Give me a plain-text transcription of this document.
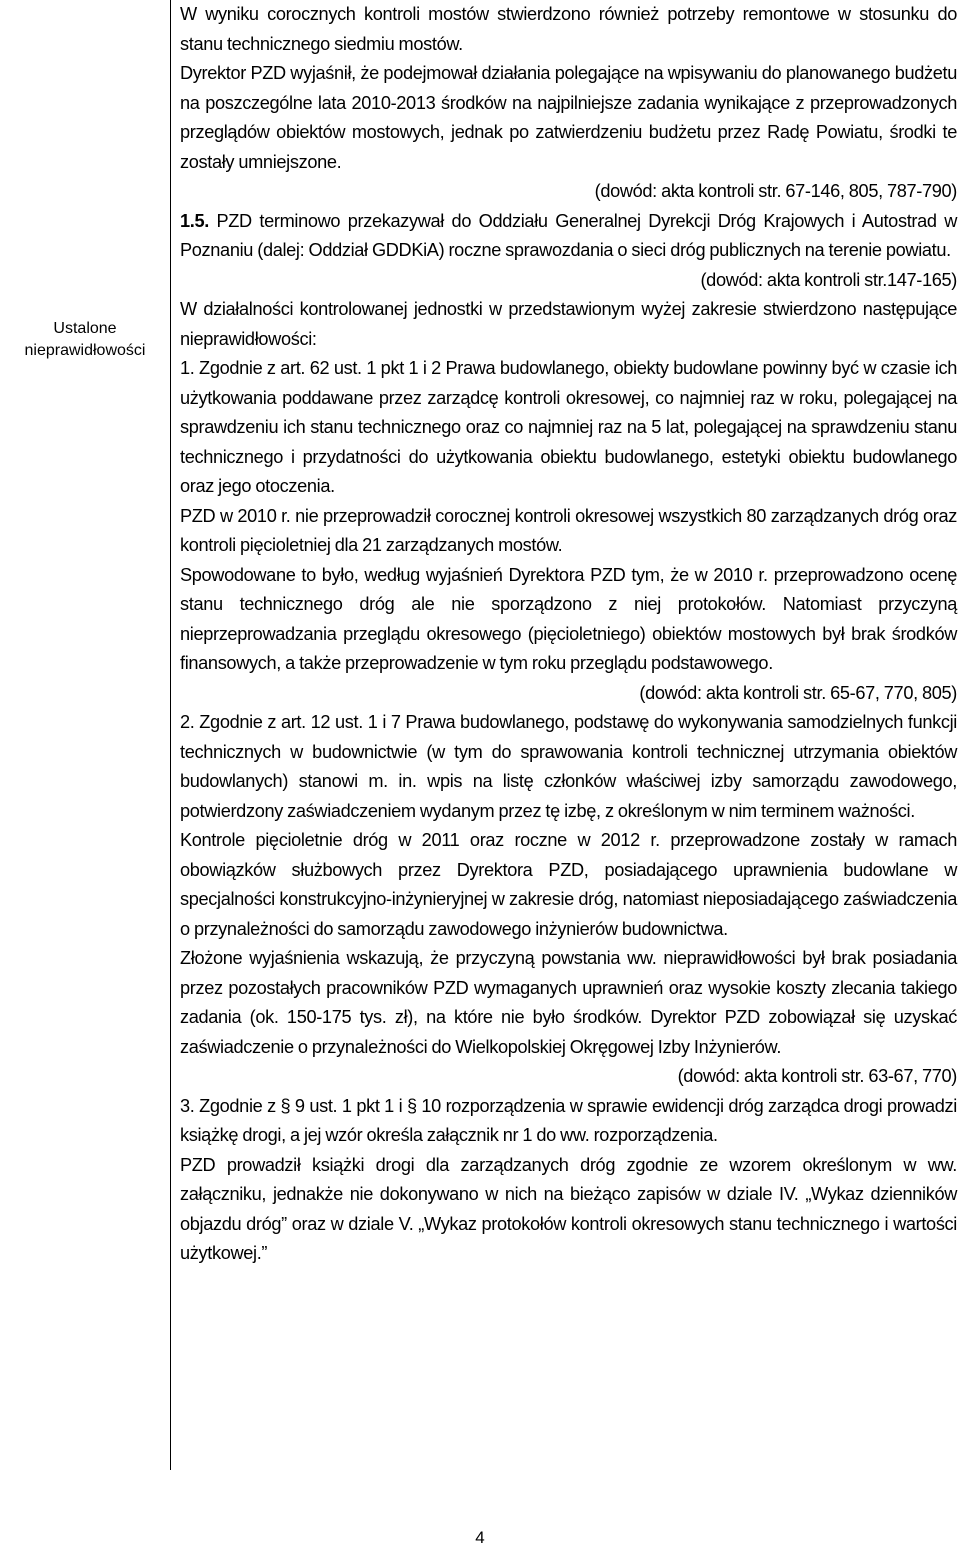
Ustalone
nieprawidłowości

W wyniku corocznych kontroli mostów stwierdzono również potrzeby remontowe w stosunku do stanu technicznego siedmiu mostów.

Dyrektor PZD wyjaśnił, że podejmował działania polegające na wpisywaniu do planowanego budżetu na poszczególne lata 2010-2013 środków na najpilniejsze zadania wynikające z przeprowadzonych przeglądów obiektów mostowych, jednak po zatwierdzeniu budżetu przez Radę Powiatu, środki te zostały umniejszone.

(dowód: akta kontroli str. 67-146, 805, 787-790)

1.5. PZD terminowo przekazywał do Oddziału Generalnej Dyrekcji Dróg Krajowych i Autostrad w Poznaniu (dalej: Oddział GDDKiA) roczne sprawozdania o sieci dróg publicznych na terenie powiatu.

(dowód: akta kontroli str.147-165)

W działalności kontrolowanej jednostki w przedstawionym wyżej zakresie stwierdzono następujące nieprawidłowości:

1. Zgodnie z art. 62 ust. 1 pkt 1 i 2 Prawa budowlanego, obiekty budowlane powinny być w czasie ich użytkowania poddawane przez zarządcę kontroli okresowej, co najmniej raz w roku, polegającej na sprawdzeniu ich stanu technicznego oraz co najmniej raz na 5 lat, polegającej na sprawdzeniu stanu technicznego i przydatności do użytkowania obiektu budowlanego, estetyki obiektu budowlanego oraz jego otoczenia.

PZD w 2010 r. nie przeprowadził corocznej kontroli okresowej wszystkich 80 zarządzanych dróg oraz kontroli pięcioletniej dla 21 zarządzanych mostów.

Spowodowane to było, według wyjaśnień Dyrektora PZD tym, że w 2010 r. przeprowadzono ocenę stanu technicznego dróg ale nie sporządzono z niej protokołów. Natomiast przyczyną nieprzeprowadzania przeglądu okresowego (pięcioletniego) obiektów mostowych był brak środków finansowych, a także przeprowadzenie w tym roku przeglądu podstawowego.

(dowód: akta kontroli str. 65-67, 770, 805)

2. Zgodnie z art. 12 ust. 1 i 7 Prawa budowlanego, podstawę do wykonywania samodzielnych funkcji technicznych w budownictwie (w tym do sprawowania kontroli technicznej utrzymania obiektów budowlanych) stanowi m. in. wpis na listę członków właściwej izby samorządu zawodowego, potwierdzony zaświadczeniem wydanym przez tę izbę, z określonym w nim terminem ważności.

Kontrole pięcioletnie dróg w 2011 oraz roczne w 2012 r. przeprowadzone zostały w ramach obowiązków służbowych przez Dyrektora PZD, posiadającego uprawnienia budowlane w specjalności konstrukcyjno-inżynieryjnej w zakresie dróg, natomiast nieposiadającego zaświadczenia o przynależności do samorządu zawodowego inżynierów budownictwa.

Złożone wyjaśnienia wskazują, że przyczyną powstania ww. nieprawidłowości był brak posiadania przez pozostałych pracowników PZD wymaganych uprawnień oraz wysokie koszty zlecania takiego zadania (ok. 150-175 tys. zł), na które nie było środków. Dyrektor PZD zobowiązał się uzyskać zaświadczenie o przynależności do Wielkopolskiej Okręgowej Izby Inżynierów.

(dowód: akta kontroli str. 63-67, 770)

3. Zgodnie z § 9 ust. 1 pkt 1 i § 10 rozporządzenia w sprawie ewidencji dróg zarządca drogi prowadzi książkę drogi, a jej wzór określa załącznik nr 1 do ww. rozporządzenia.

PZD prowadził książki drogi dla zarządzanych dróg zgodnie ze wzorem określonym w ww. załączniku, jednakże nie dokonywano w nich na bieżąco zapisów w dziale IV. „Wykaz dzienników objazdu dróg” oraz w dziale V. „Wykaz protokołów kontroli okresowych stanu technicznego i wartości użytkowej.”

4
